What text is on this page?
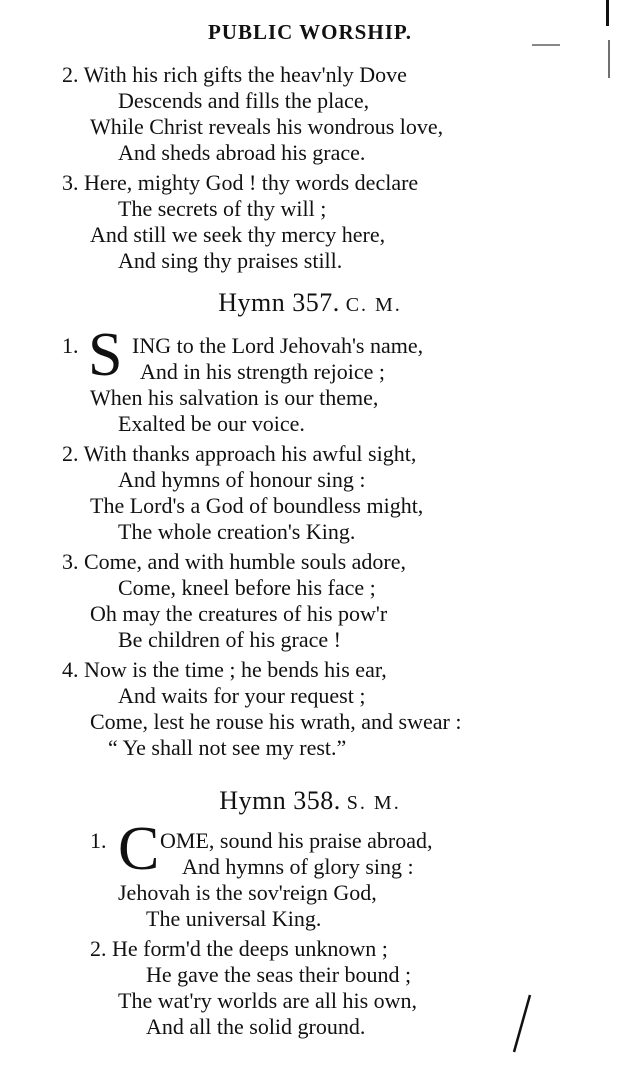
PUBLIC WORSHIP.
2. With his rich gifts the heav'nly Dove
Descends and fills the place,
While Christ reveals his wondrous love,
And sheds abroad his grace.
3. Here, mighty God ! thy words declare
The secrets of thy will ;
And still we seek thy mercy here,
And sing thy praises still.
Hymn 357. C. M.
1. S ING to the Lord Jehovah's name,
And in his strength rejoice ;
When his salvation is our theme,
Exalted be our voice.
2. With thanks approach his awful sight,
And hymns of honour sing :
The Lord's a God of boundless might,
The whole creation's King.
3. Come, and with humble souls adore,
Come, kneel before his face ;
Oh may the creatures of his pow'r
Be children of his grace !
4. Now is the time ; he bends his ear,
And waits for your request ;
Come, lest he rouse his wrath, and swear :
“ Ye shall not see my rest.”
Hymn 358. S. M.
1. C OME, sound his praise abroad,
And hymns of glory sing :
Jehovah is the sov'reign God,
The universal King.
2. He form'd the deeps unknown ;
He gave the seas their bound ;
The wat'ry worlds are all his own,
And all the solid ground.
